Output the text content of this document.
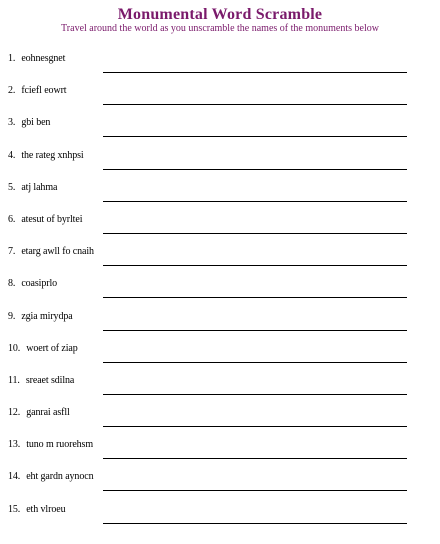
Monumental Word Scramble
Travel around the world as you unscramble the names of the monuments below
1. eohnesgnet
2. fciefl eowrt
3. gbi ben
4. the rateg xnhpsi
5. atj lahma
6. atesut of byrltei
7. etarg awll fo cnaih
8. coasiprlo
9. zgia mirydpa
10. woert of ziap
11. sreaet sdilna
12. ganrai asfll
13. tuno m ruorehsm
14. eht gardn aynocn
15. eth vlroeu
